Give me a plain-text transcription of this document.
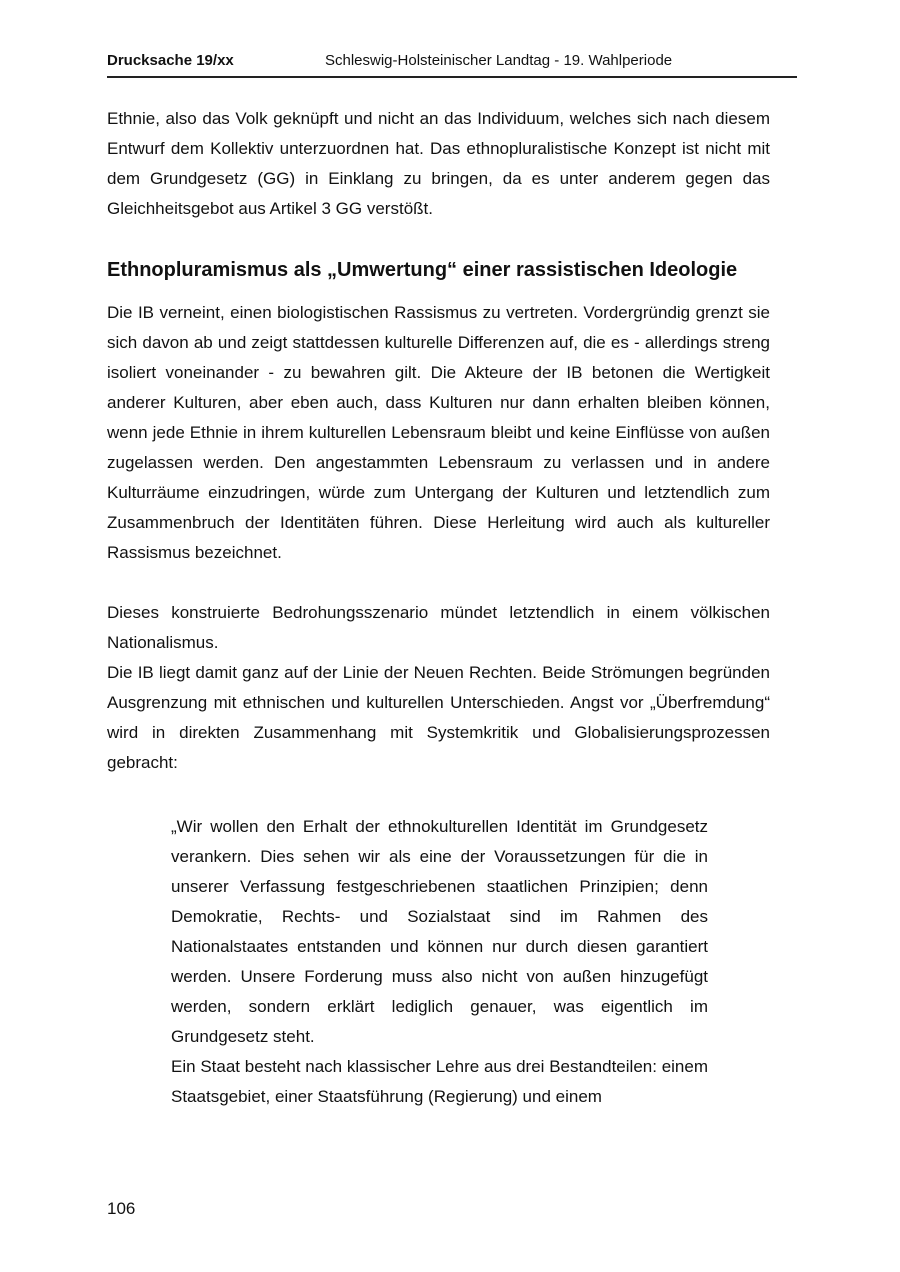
Drucksache 19/xx	Schleswig-Holsteinischer Landtag - 19. Wahlperiode

Ethnie, also das Volk geknüpft und nicht an das Individuum, welches sich nach diesem Entwurf dem Kollektiv unterzuordnen hat. Das ethnopluralistische Konzept ist nicht mit dem Grundgesetz (GG) in Einklang zu bringen, da es unter anderem gegen das Gleichheitsgebot aus Artikel 3 GG verstößt.

Ethnopluramismus als „Umwertung“ einer rassistischen Ideologie

Die IB verneint, einen biologistischen Rassismus zu vertreten. Vordergründig grenzt sie sich davon ab und zeigt stattdessen kulturelle Differenzen auf, die es - allerdings streng isoliert voneinander - zu bewahren gilt. Die Akteure der IB betonen die Wertigkeit anderer Kulturen, aber eben auch, dass Kulturen nur dann erhalten bleiben können, wenn jede Ethnie in ihrem kulturellen Lebensraum bleibt und keine Einflüsse von außen zugelassen werden. Den angestammten Lebensraum zu verlassen und in andere Kulturräume einzudringen, würde zum Untergang der Kulturen und letztendlich zum Zusammenbruch der Identitäten führen. Diese Herleitung wird auch als kultureller Rassismus bezeichnet.

Dieses konstruierte Bedrohungsszenario mündet letztendlich in einem völkischen Nationalismus.

Die IB liegt damit ganz auf der Linie der Neuen Rechten. Beide Strömungen begründen Ausgrenzung mit ethnischen und kulturellen Unterschieden. Angst vor „Überfremdung“ wird in direkten Zusammenhang mit Systemkritik und Globalisierungsprozessen gebracht:

„Wir wollen den Erhalt der ethnokulturellen Identität im Grundgesetz verankern. Dies sehen wir als eine der Voraussetzungen für die in unserer Verfassung festgeschriebenen staatlichen Prinzipien; denn Demokratie, Rechts- und Sozialstaat sind im Rahmen des Nationalstaates entstanden und können nur durch diesen garantiert werden. Unsere Forderung muss also nicht von außen hinzugefügt werden, sondern erklärt lediglich genauer, was eigentlich im Grundgesetz steht.

Ein Staat besteht nach klassischer Lehre aus drei Bestandteilen: einem Staatsgebiet, einer Staatsführung (Regierung) und einem

106
